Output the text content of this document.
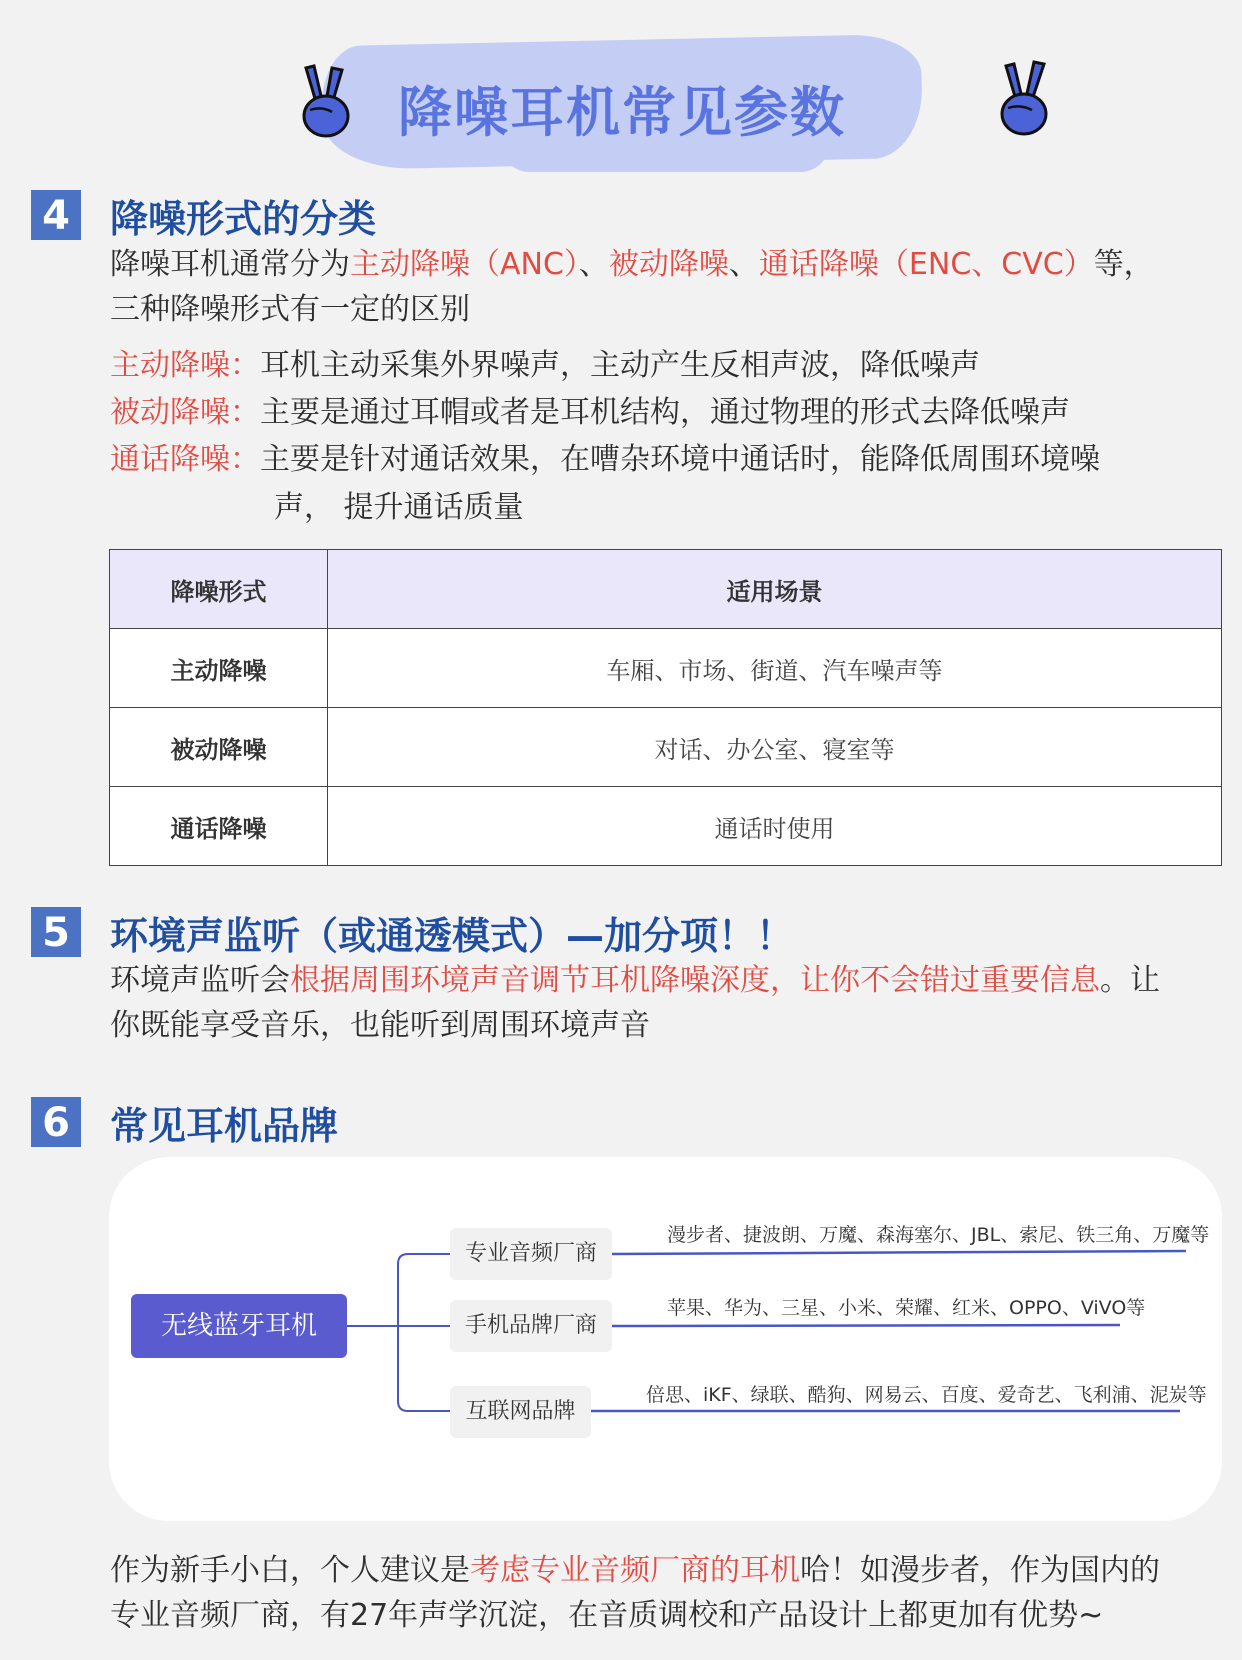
降噪耳机常见参数
4 降噪形式的分类
降噪耳机通常分为主动降噪（ANC）、被动降噪、通话降噪（ENC、CVC）等，
三种降噪形式有一定的区别
主动降噪：耳机主动采集外界噪声，主动产生反相声波，降低噪声
被动降噪：主要是通过耳帽或者是耳机结构，通过物理的形式去降低噪声
通话降噪：主要是针对通话效果，在嘈杂环境中通话时，能降低周围环境噪
声， 提升通话质量
降噪形式	适用场景
主动降噪	车厢、市场、街道、汽车噪声等
被动降噪	对话、办公室、寝室等
通话降噪	通话时使用
5 环境声监听（或通透模式）—加分项！！
环境声监听会根据周围环境声音调节耳机降噪深度，让你不会错过重要信息。让
你既能享受音乐，也能听到周围环境声音
6 常见耳机品牌
无线蓝牙耳机
专业音频厂商
手机品牌厂商
互联网品牌
漫步者、捷波朗、万魔、森海塞尔、JBL、索尼、铁三角、万魔等
苹果、华为、三星、小米、荣耀、红米、OPPO、ViVO等
倍思、iKF、绿联、酷狗、网易云、百度、爱奇艺、飞利浦、泥炭等
作为新手小白，个人建议是考虑专业音频厂商的耳机哈！如漫步者，作为国内的
专业音频厂商，有27年声学沉淀，在音质调校和产品设计上都更加有优势~
